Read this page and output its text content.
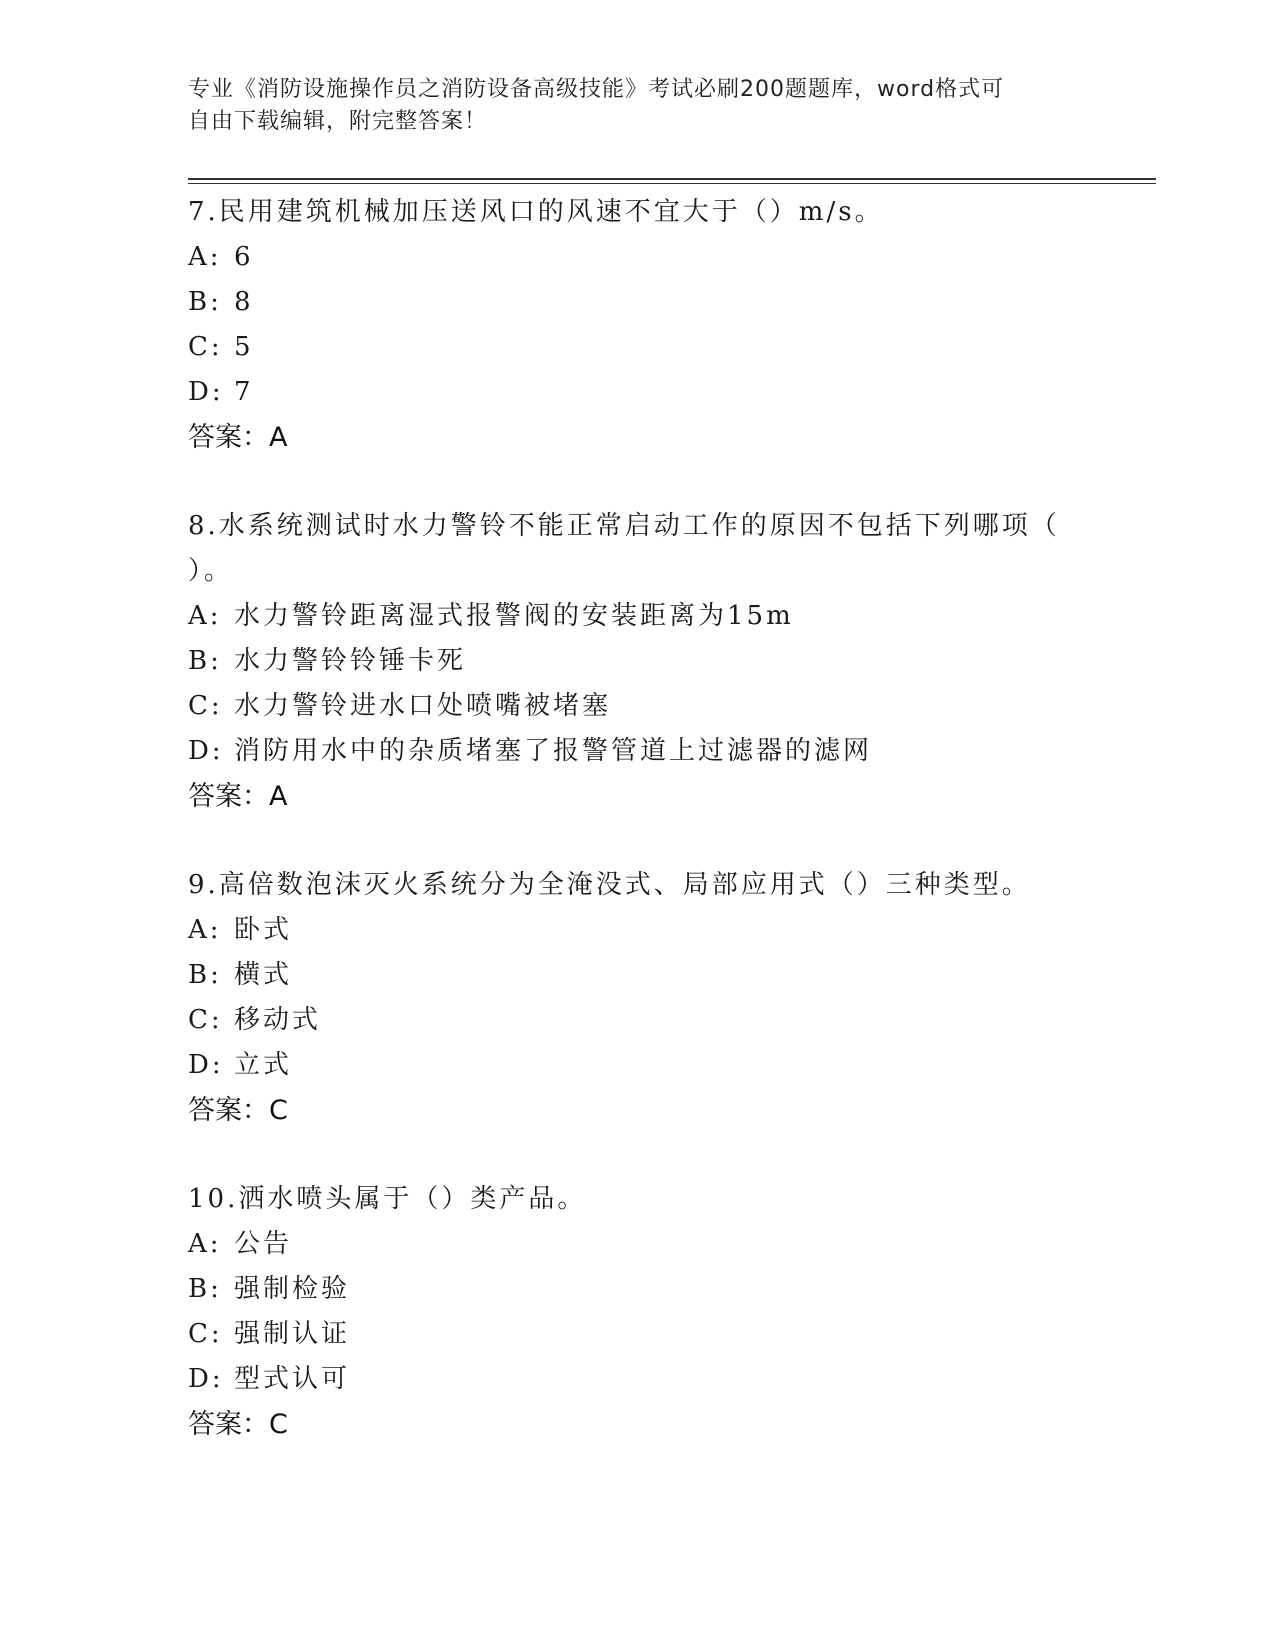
专业《消防设施操作员之消防设备高级技能》考试必刷200题题库，word格式可
自由下载编辑，附完整答案！
7.民用建筑机械加压送风口的风速不宜大于（）m/s。
A: 6
B: 8
C: 5
D: 7
答案：A
8.水系统测试时水力警铃不能正常启动工作的原因不包括下列哪项（
）。
A: 水力警铃距离湿式报警阀的安装距离为15m
B: 水力警铃铃锤卡死
C: 水力警铃进水口处喷嘴被堵塞
D: 消防用水中的杂质堵塞了报警管道上过滤器的滤网
答案：A
9.高倍数泡沫灭火系统分为全淹没式、局部应用式（）三种类型。
A: 卧式
B: 横式
C: 移动式
D: 立式
答案：C
10.洒水喷头属于（）类产品。
A: 公告
B: 强制检验
C: 强制认证
D: 型式认可
答案：C
